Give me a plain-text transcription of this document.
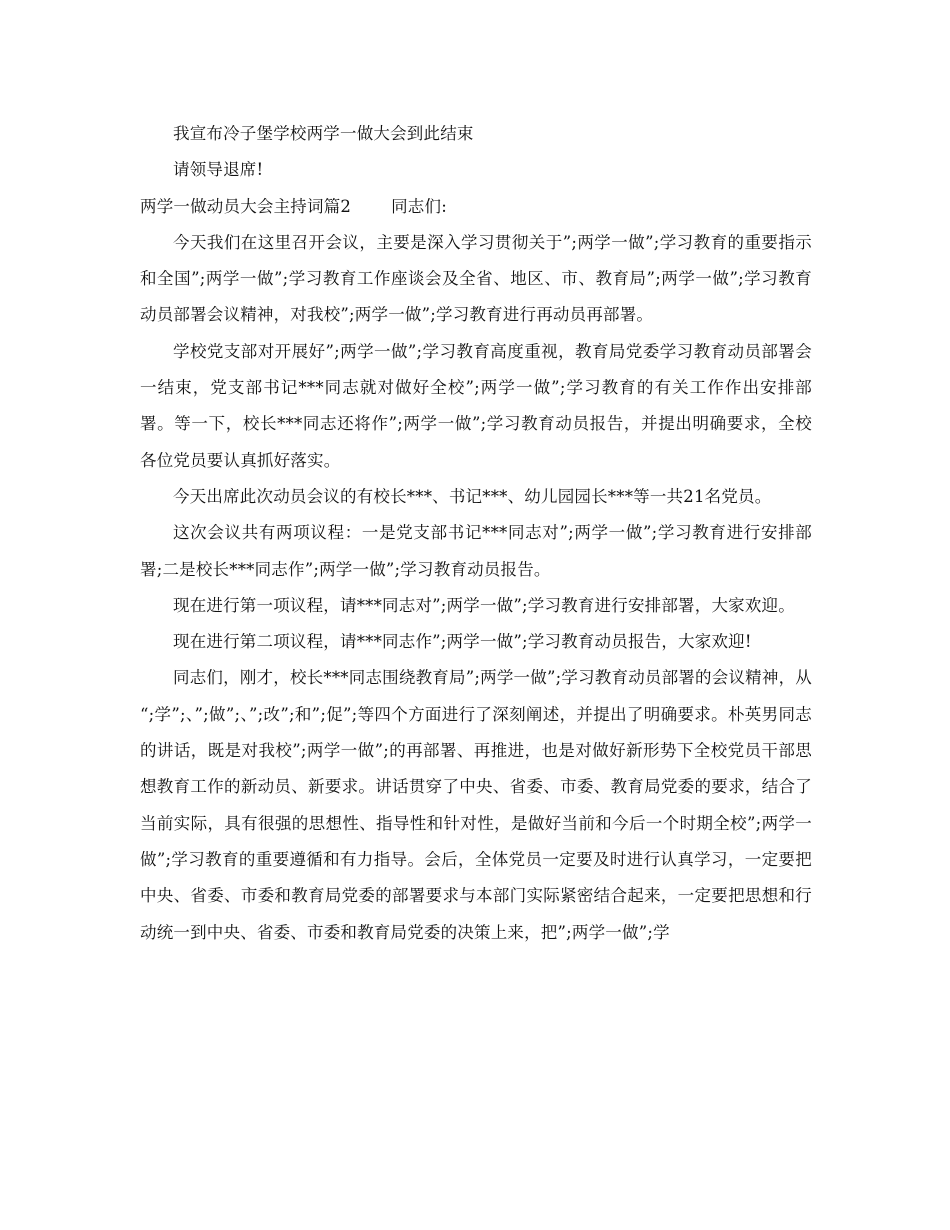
我宣布冷子堡学校两学一做大会到此结束

请领导退席!

两学一做动员大会主持词篇2 同志们:

今天我们在这里召开会议，主要是深入学习贯彻关于”;两学一做”;学习教育的重要指示和全国”;两学一做”;学习教育工作座谈会及全省、地区、市、教育局”;两学一做”;学习教育动员部署会议精神，对我校”;两学一做”;学习教育进行再动员再部署。

学校党支部对开展好”;两学一做”;学习教育高度重视，教育局党委学习教育动员部署会一结束，党支部书记***同志就对做好全校”;两学一做”;学习教育的有关工作作出安排部署。等一下，校长***同志还将作”;两学一做”;学习教育动员报告，并提出明确要求，全校各位党员要认真抓好落实。

今天出席此次动员会议的有校长***、书记***、幼儿园园长***等一共21名党员。

这次会议共有两项议程：一是党支部书记***同志对”;两学一做”;学习教育进行安排部署;二是校长***同志作”;两学一做”;学习教育动员报告。

现在进行第一项议程，请***同志对”;两学一做”;学习教育进行安排部署，大家欢迎。

现在进行第二项议程，请***同志作”;两学一做”;学习教育动员报告，大家欢迎!

同志们，刚才，校长***同志围绕教育局”;两学一做”;学习教育动员部署的会议精神，从 “;学”;、”;做”;、”;改”;和”;促”;等四个方面进行了深刻阐述，并提出了明确要求。朴英男同志的讲话，既是对我校”;两学一做”;的再部署、再推进，也是对做好新形势下全校党员干部思想教育工作的新动员、新要求。讲话贯穿了中央、省委、市委、教育局党委的要求，结合了当前实际，具有很强的思想性、指导性和针对性，是做好当前和今后一个时期全校”;两学一做”;学习教育的重要遵循和有力指导。会后，全体党员一定要及时进行认真学习，一定要把中央、省委、市委和教育局党委的部署要求与本部门实际紧密结合起来，一定要把思想和行动统一到中央、省委、市委和教育局党委的决策上来，把”;两学一做”;学
